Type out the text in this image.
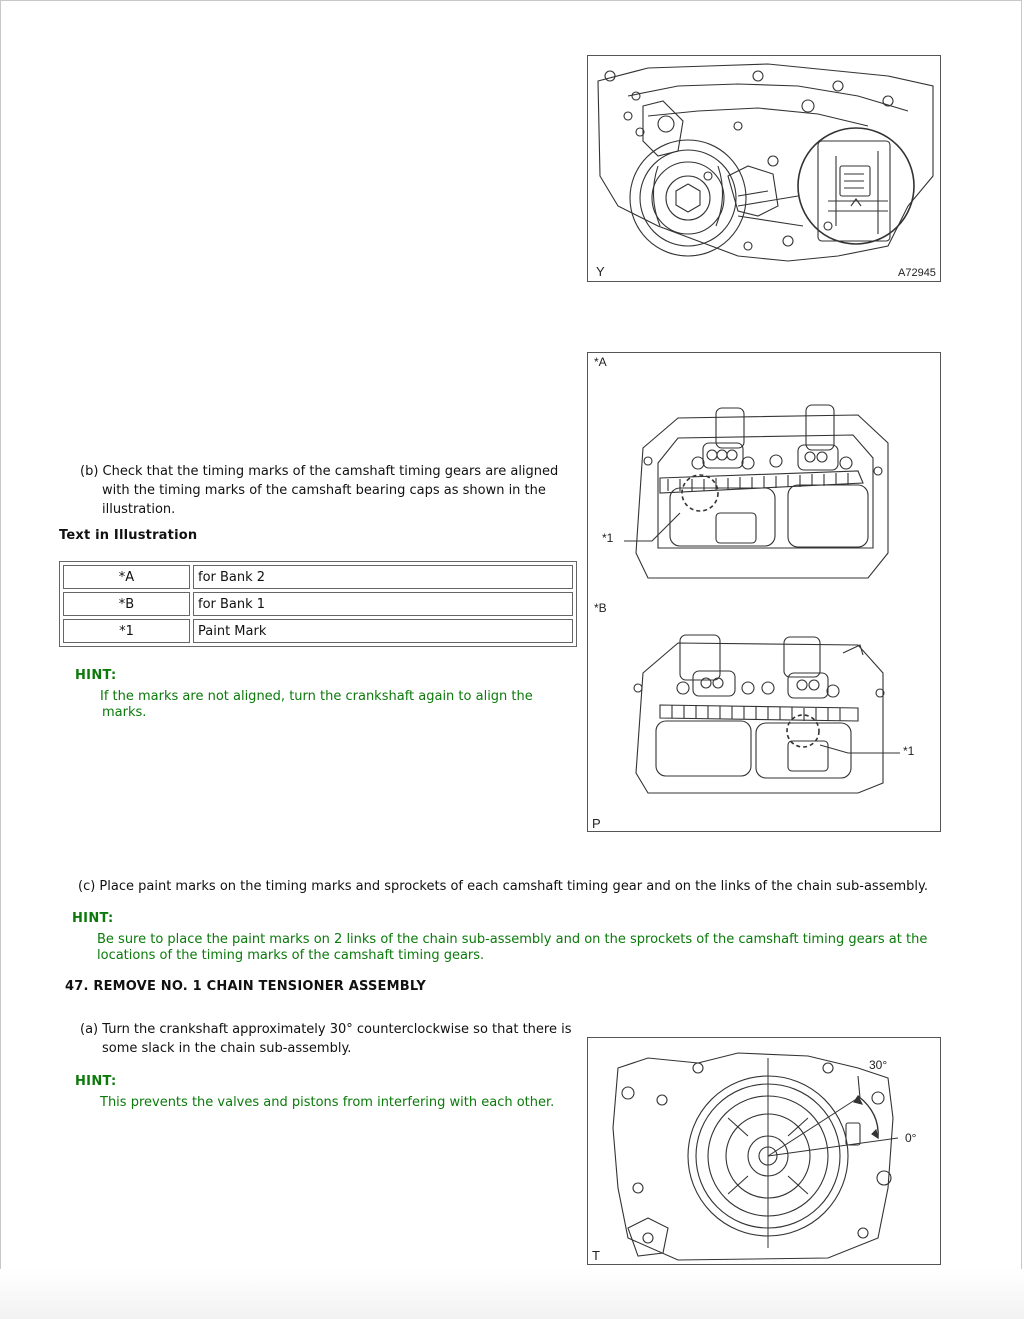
Y	A72945
*A
*1
*B
*1
P
(b) Check that the timing marks of the camshaft timing gears are aligned
with the timing marks of the camshaft bearing caps as shown in the
illustration.
Text in Illustration
*A	for Bank 2
*B	for Bank 1
*1	Paint Mark
HINT:
If the marks are not aligned, turn the crankshaft again to align the
marks.
(c) Place paint marks on the timing marks and sprockets of each camshaft timing gear and on the links of the chain sub-assembly.
HINT:
Be sure to place the paint marks on 2 links of the chain sub-assembly and on the sprockets of the camshaft timing gears at the
locations of the timing marks of the camshaft timing gears.
47. REMOVE NO. 1 CHAIN TENSIONER ASSEMBLY
(a) Turn the crankshaft approximately 30° counterclockwise so that there is
some slack in the chain sub-assembly.
HINT:
This prevents the valves and pistons from interfering with each other.
30°
0°
T
